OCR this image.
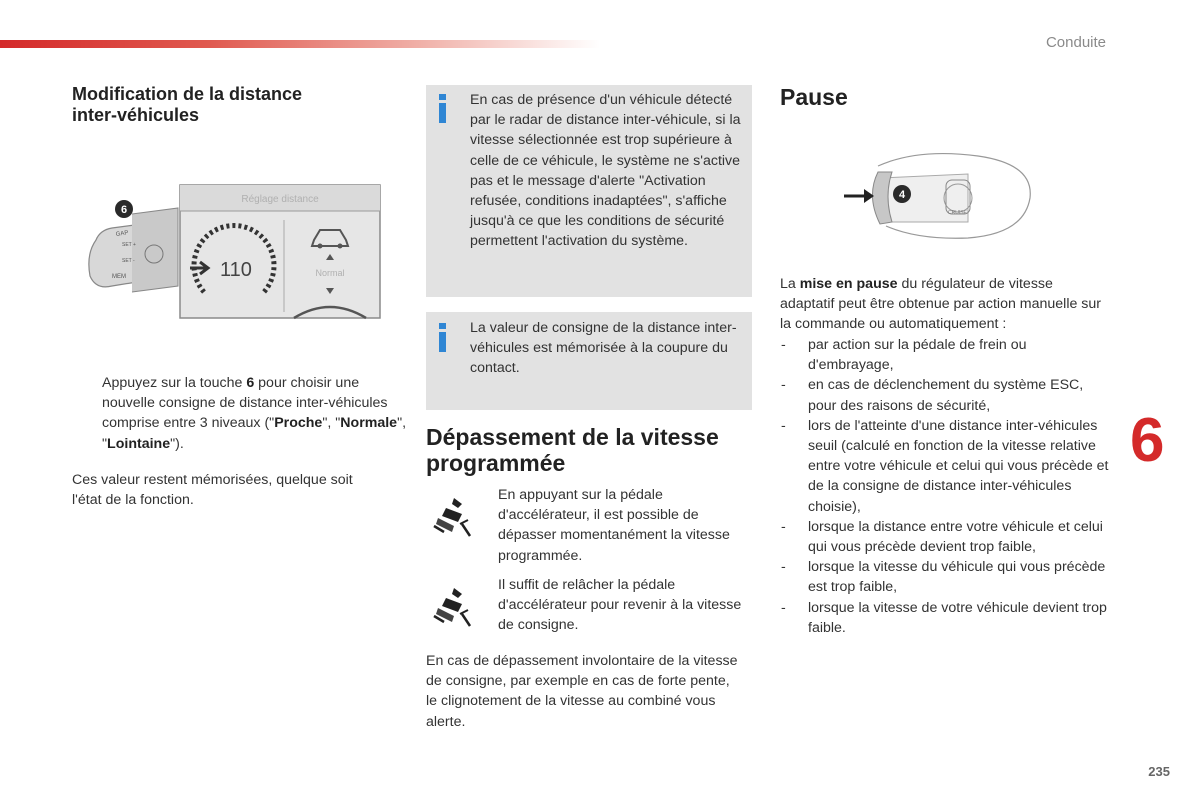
Conduite
6
235
Modification de la distance
inter-véhicules
GAP
SET +
SET -
MEM
6
Réglage distance
110	Normal
Appuyez sur la touche 6 pour choisir une nouvelle consigne de distance inter-véhicules comprise entre 3 niveaux ("Proche", "Normale", "Lointaine").

Ces valeur restent mémorisées, quelque soit l'état de la fonction.

En cas de présence d'un véhicule détecté par le radar de distance inter-véhicule, si la vitesse sélectionnée est trop supérieure à celle de ce véhicule, le système ne s'active pas et le message d'alerte "Activation refusée, conditions inadaptées", s'affiche jusqu'à ce que les conditions de sécurité permettent l'activation du système.

La valeur de consigne de la distance inter-véhicules est mémorisée à la coupure du contact.

Dépassement de la vitesse
programmée

En appuyant sur la pédale d'accélérateur, il est possible de dépasser momentanément la vitesse programmée.

Il suffit de relâcher la pédale d'accélérateur pour revenir à la vitesse de consigne.

En cas de dépassement involontaire de la vitesse de consigne, par exemple en cas de forte pente, le clignotement de la vitesse au combiné vous alerte.

Pause
CRUISE
4

La mise en pause du régulateur de vitesse adaptatif peut être obtenue par action manuelle sur la commande ou automatiquement :

- par action sur la pédale de frein ou d'embrayage,
- en cas de déclenchement du système ESC, pour des raisons de sécurité,
- lors de l'atteinte d'une distance inter-véhicules seuil (calculé en fonction de la vitesse relative entre votre véhicule et celui qui vous précède et de la consigne de distance inter-véhicules choisie),
- lorsque la distance entre votre véhicule et celui qui vous précède devient trop faible,
- lorsque la vitesse du véhicule qui vous précède est trop faible,
- lorsque la vitesse de votre véhicule devient trop faible.
